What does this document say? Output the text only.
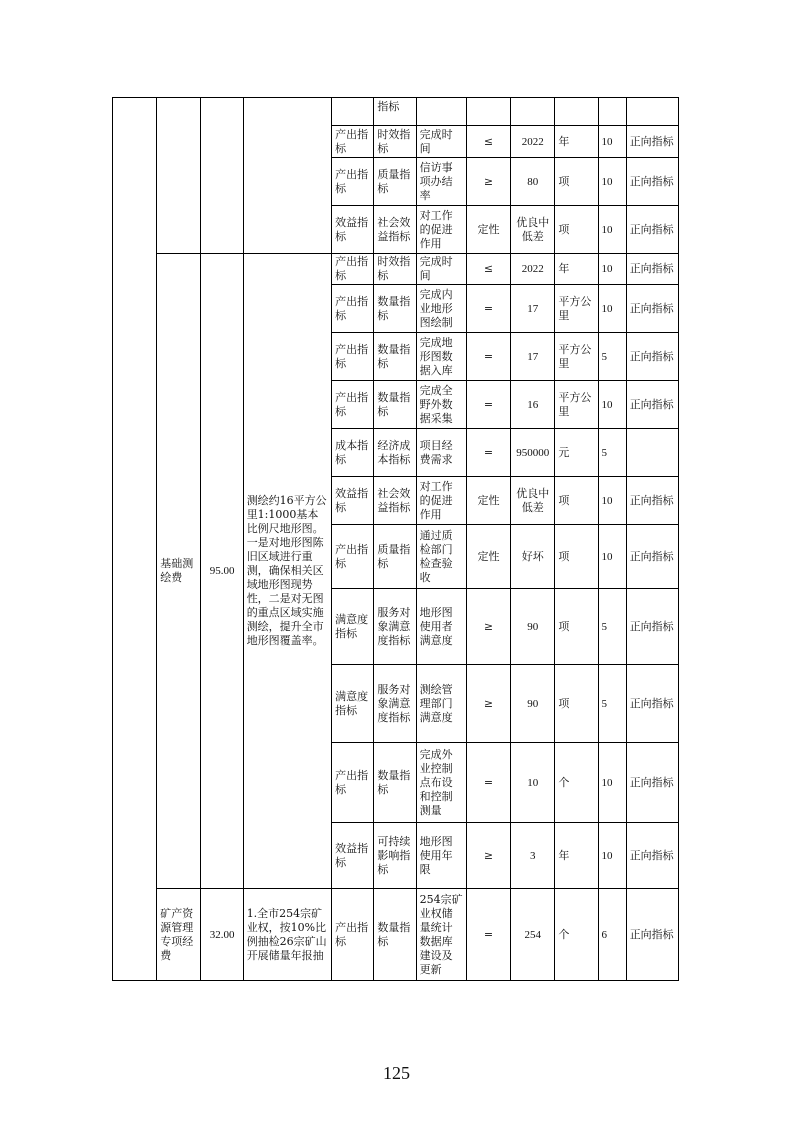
					指标						
				产出指标	时效指标	完成时间	≤	2022	年	10	正向指标
				产出指标	质量指标	信访事项办结率	≥	80	项	10	正向指标
				效益指标	社会效益指标	对工作的促进作用	定性	优良中低差	项	10	正向指标
	基础测绘费	95.00	测绘约16平方公里1:1000基本比例尺地形图。一是对地形图陈旧区域进行重测，确保相关区域地形图现势性，二是对无图的重点区域实施测绘，提升全市地形图覆盖率。	产出指标	时效指标	完成时间	≤	2022	年	10	正向指标
				产出指标	数量指标	完成内业地形图绘制	=	17	平方公里	10	正向指标
				产出指标	数量指标	完成地形图数据入库	=	17	平方公里	5	正向指标
				产出指标	数量指标	完成全野外数据采集	=	16	平方公里	10	正向指标
				成本指标	经济成本指标	项目经费需求	=	950000	元	5	
				效益指标	社会效益指标	对工作的促进作用	定性	优良中低差	项	10	正向指标
				产出指标	质量指标	通过质检部门检查验收	定性	好坏	项	10	正向指标
				满意度指标	服务对象满意度指标	地形图使用者满意度	≥	90	项	5	正向指标
				满意度指标	服务对象满意度指标	测绘管理部门满意度	≥	90	项	5	正向指标
				产出指标	数量指标	完成外业控制点布设和控制测量	=	10	个	10	正向指标
				效益指标	可持续影响指标	地形图使用年限	≥	3	年	10	正向指标
	矿产资源管理专项经费	32.00	1.全市254宗矿业权，按10%比例抽检26宗矿山开展储量年报抽	产出指标	数量指标	254宗矿业权储量统计数据库建设及更新	=	254	个	6	正向指标
125
